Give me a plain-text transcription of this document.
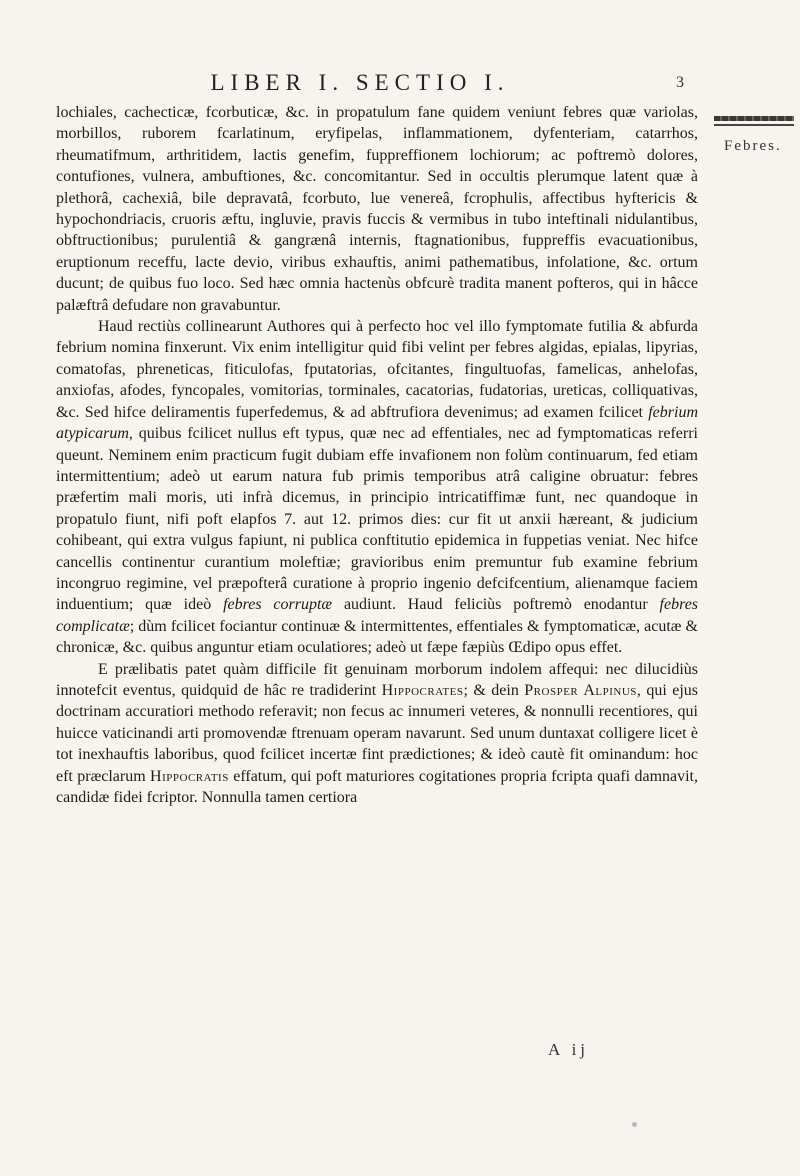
LIBER I. SECTIO I.	3
Febres.

lochiales, cachecticæ, fcorbuticæ, &c. in propatulum fane quidem veniunt febres quæ variolas, morbillos, ruborem fcarlatinum, eryfipelas, inflammationem, dyfenteriam, catarrhos, rheumatifmum, arthritidem, lactis genefim, fuppreffionem lochiorum; ac poftremò dolores, contufiones, vulnera, ambuftiones, &c. concomitantur. Sed in occultis plerumque latent quæ à plethorâ, cachexiâ, bile depravatâ, fcorbuto, lue venereâ, fcrophulis, affectibus hyftericis & hypochondriacis, cruoris æftu, ingluvie, pravis fuccis & vermibus in tubo inteftinali nidulantibus, obftructionibus; purulentiâ & gangrænâ internis, ftagnationibus, fuppreffis evacuationibus, eruptionum receffu, lacte devio, viribus exhauftis, animi pathematibus, infolatione, &c. ortum ducunt; de quibus fuo loco. Sed hæc omnia hactenùs obfcurè tradita manent pofteros, qui in hâcce palæftrâ defudare non gravabuntur.

Haud rectiùs collinearunt Authores qui à perfecto hoc vel illo fymptomate futilia & abfurda febrium nomina finxerunt. Vix enim intelligitur quid fibi velint per febres algidas, epialas, lipyrias, comatofas, phreneticas, fiticulofas, fputatorias, ofcitantes, fingultuofas, famelicas, anhelofas, anxiofas, afodes, fyncopales, vomitorias, torminales, cacatorias, fudatorias, ureticas, colliquativas, &c. Sed hifce deliramentis fuperfedemus, & ad abftrufiora devenimus; ad examen fcilicet febrium atypicarum, quibus fcilicet nullus eft typus, quæ nec ad effentiales, nec ad fymptomaticas referri queunt. Neminem enim practicum fugit dubiam effe invafionem non folùm continuarum, fed etiam intermittentium; adeò ut earum natura fub primis temporibus atrâ caligine obruatur: febres præfertim mali moris, uti infrà dicemus, in principio intricatiffimæ funt, nec quandoque in propatulo fiunt, nifi poft elapfos 7. aut 12. primos dies: cur fit ut anxii hæreant, & judicium cohibeant, qui extra vulgus fapiunt, ni publica conftitutio epidemica in fuppetias veniat. Nec hifce cancellis continentur curantium moleftiæ; gravioribus enim premuntur fub examine febrium incongruo regimine, vel præpofterâ curatione à proprio ingenio defcifcentium, alienamque faciem induentium; quæ ideò febres corruptæ audiunt. Haud feliciùs poftremò enodantur febres complicatæ; dùm fcilicet fociantur continuæ & intermittentes, effentiales & fymptomaticæ, acutæ & chronicæ, &c. quibus anguntur etiam oculatiores; adeò ut fæpe fæpiùs Œdipo opus effet.

E prælibatis patet quàm difficile fit genuinam morborum indolem affequi: nec dilucidiùs innotefcit eventus, quidquid de hâc re tradiderint Hippocrates; & dein Prosper Alpinus, qui ejus doctrinam accuratiori methodo referavit; non fecus ac innumeri veteres, & nonnulli recentiores, qui huicce vaticinandi arti promovendæ ftrenuam operam navarunt. Sed unum duntaxat colligere licet è tot inexhauftis laboribus, quod fcilicet incertæ fint prædictiones; & ideò cautè fit ominandum: hoc eft præclarum Hippocratis effatum, qui poft maturiores cogitationes propria fcripta quafi damnavit, candidæ fidei fcriptor. Nonnulla tamen certiora

A ij
